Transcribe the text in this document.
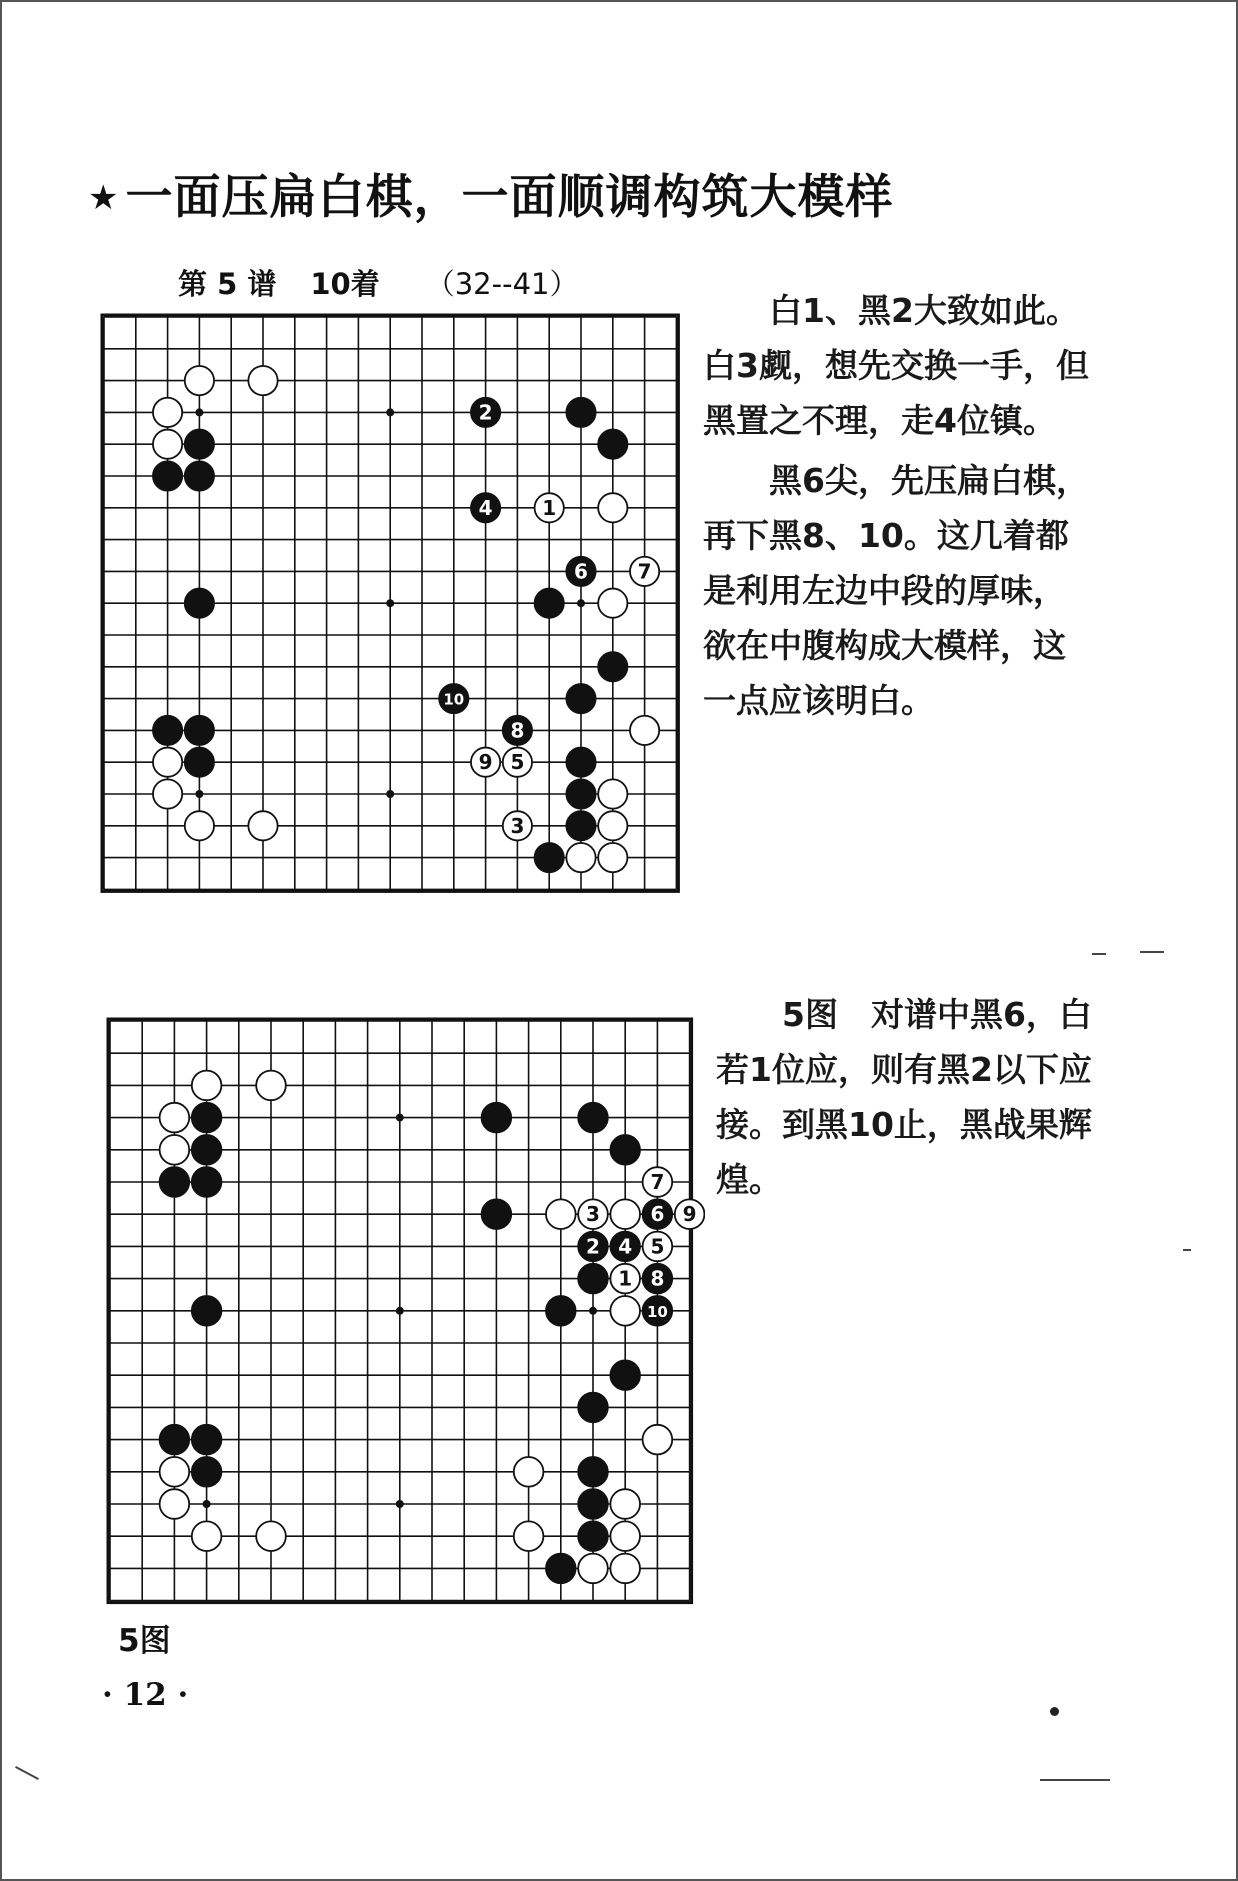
★ 一面压扁白棋，一面顺调构筑大模样
第 5 谱 10着 （32--41）
1
2
3
4
5
6 7
8
9
10

白1、黑2大致如此。白3觑，想先交换一手，但黑置之不理，走4位镇。

黑6尖，先压扁白棋，再下黑8、10。这几着都是利用左边中段的厚味，欲在中腹构成大模样，这一点应该明白。

1
2
3
4 5
6
7
8
9
10

5图　对谱中黑6，白若1位应，则有黑2以下应接。到黑10止，黑战果辉煌。

5图
· 12 ·
